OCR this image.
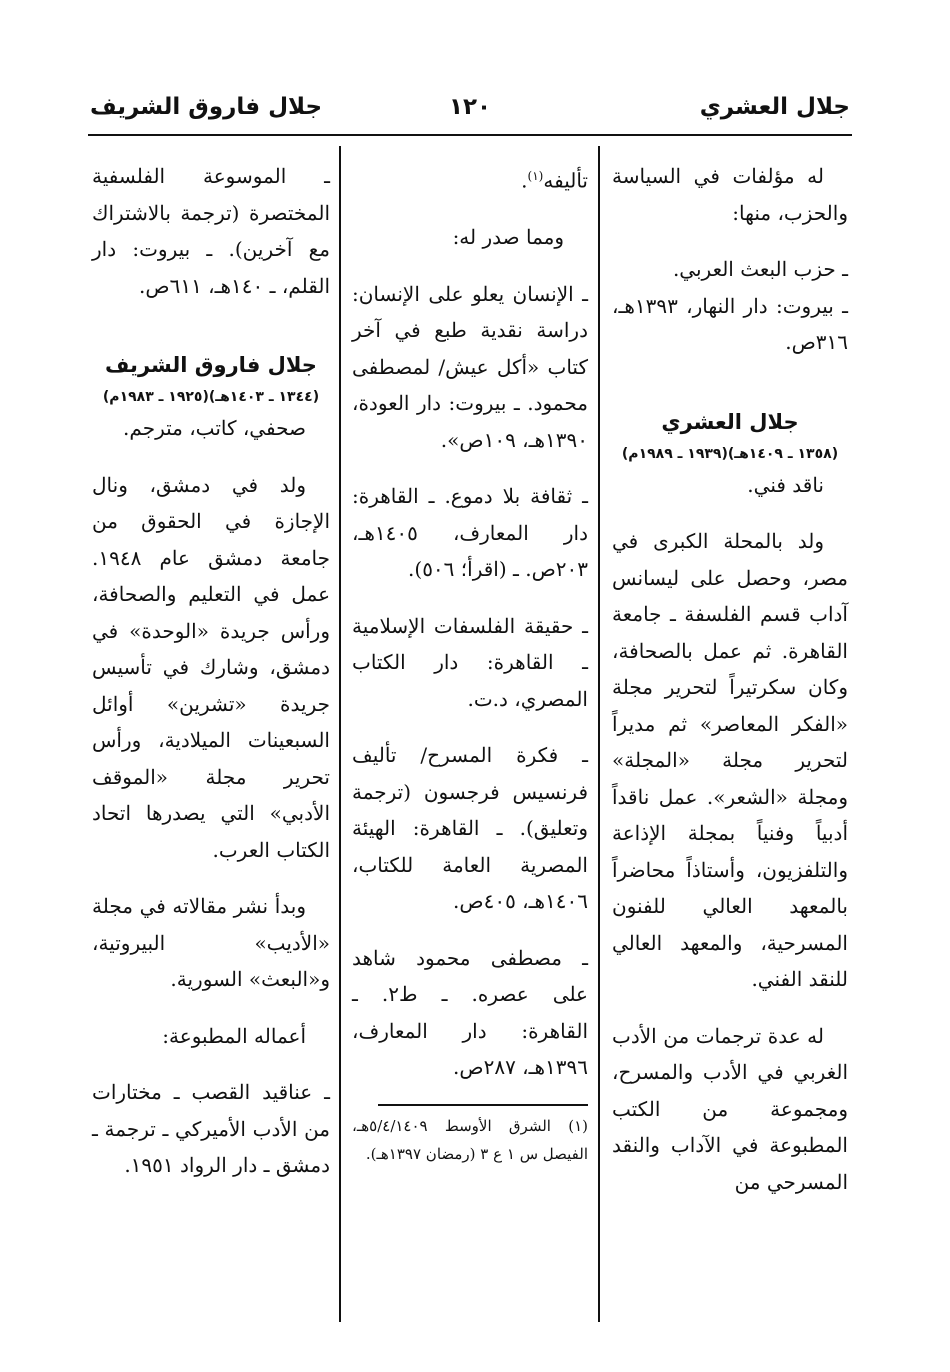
جلال العشري
١٢٠
جلال فاروق الشريف

له مؤلفات في السياسة والحزب، منها:

ـ حزب البعث العربي.

ـ بيروت: دار النهار، ١٣٩٣هـ، ٣١٦ص.

جلال العشري

(١٣٥٨ ـ ١٤٠٩هـ)(١٩٣٩ ـ ١٩٨٩م)

ناقد فني.

ولد بالمحلة الكبرى في مصر، وحصل على ليسانس آداب قسم الفلسفة ـ جامعة القاهرة. ثم عمل بالصحافة، وكان سكرتيراً لتحرير مجلة «الفكر المعاصر» ثم مديراً لتحرير مجلة «المجلة» ومجلة «الشعر». عمل ناقداً أدبياً وفنياً بمجلة الإذاعة والتلفزيون، وأستاذاً محاضراً بالمعهد العالي للفنون المسرحية، والمعهد العالي للنقد الفني.

له عدة ترجمات من الأدب الغربي في الأدب والمسرح، ومجموعة من الكتب المطبوعة في الآداب والنقد المسرحي من

تأليفه$^{(١)}$.

ومما صدر له:

ـ الإنسان يعلو على الإنسان: دراسة نقدية طبع في آخر كتاب «أكل عيش/ لمصطفى محمود. ـ بيروت: دار العودة، ١٣٩٠هـ، ١٠٩ص».

ـ ثقافة بلا دموع. ـ القاهرة: دار المعارف، ١٤٠٥هـ، ٢٠٣ص. ـ (اقرأ؛ ٥٠٦).

ـ حقيقة الفلسفات الإسلامية ـ القاهرة: دار الكتاب المصري، د.ت.

ـ فكرة المسرح/ تأليف فرنسيس فرجسون (ترجمة وتعليق). ـ القاهرة: الهيئة المصرية العامة للكتاب، ١٤٠٦هـ، ٤٠٥ص.

ـ مصطفى محمود شاهد على عصره. ـ ط٢. ـ القاهرة: دار المعارف، ١٣٩٦هـ، ٢٨٧ص.

(١) الشرق الأوسط ٥/٤/١٤٠٩هـ، الفيصل س ١ ع ٣ (رمضان ١٣٩٧هـ).

ـ الموسوعة الفلسفية المختصرة (ترجمة بالاشتراك مع آخرين). ـ بيروت: دار القلم، ـ ١٤٠هـ، ٦١١ص.

جلال فاروق الشريف

(١٣٤٤ ـ ١٤٠٣هـ)(١٩٢٥ ـ ١٩٨٣م)

صحفي، كاتب، مترجم.

ولد في دمشق، ونال الإجازة في الحقوق من جامعة دمشق عام ١٩٤٨. عمل في التعليم والصحافة، ورأس جريدة «الوحدة» في دمشق، وشارك في تأسيس جريدة «تشرين» أوائل السبعينات الميلادية، ورأس تحرير مجلة «الموقف الأدبي» التي يصدرها اتحاد الكتاب العرب.

وبدأ نشر مقالاته في مجلة «الأديب» البيروتية، و«البعث» السورية.

أعماله المطبوعة:

ـ عناقيد القصب ـ مختارات من الأدب الأميركي ـ ترجمة ـ دمشق ـ دار الرواد ١٩٥١.
